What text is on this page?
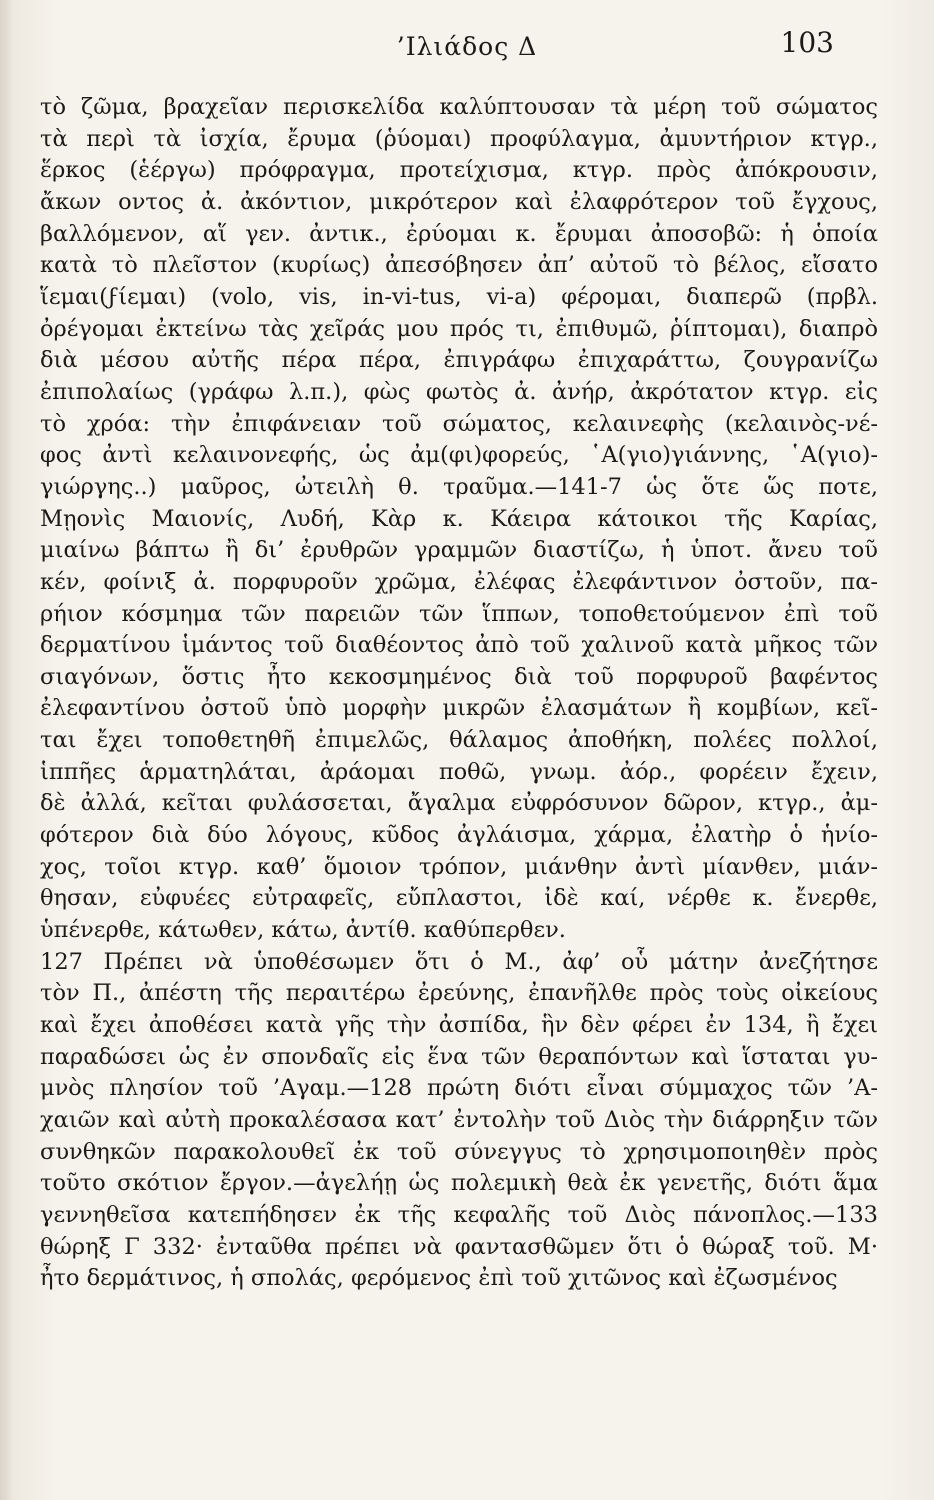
’Ιλιάδος Δ	103
τὸ ζῶμα, βραχεῖαν περισκελίδα καλύπτουσαν τὰ μέρη τοῦ σώματος
τὰ περὶ τὰ ἰσχία, ἔρυμα (ῥύομαι) προφύλαγμα, ἀμυντήριον κτγρ.,
ἕρκος (ἑέργω) πρόφραγμα, προτείχισμα, κτγρ. πρὸς ἀπόκρουσιν,
ἄκων οντος ἀ. ἀκόντιον, μικρότερον καὶ ἐλαφρότερον τοῦ ἔγχους,
βαλλόμενον, αἵ γεν. ἀντικ., ἐρύομαι κ. ἔρυμαι ἀποσοβῶ: ἡ ὁποία
κατὰ τὸ πλεῖστον (κυρίως) ἀπεσόβησεν ἀπ’ αὐτοῦ τὸ βέλος, εἴσατο
ἵεμαι(ϝίεμαι) (volo, vis, in-vi-tus, vi-a) φέρομαι, διαπερῶ (πρβλ.
ὀρέγομαι ἐκτείνω τὰς χεῖράς μου πρός τι, ἐπιθυμῶ, ῥίπτομαι), διαπρὸ
διὰ μέσου αὐτῆς πέρα πέρα, ἐπιγράφω ἐπιχαράττω, ζουγρανίζω
ἐπιπολαίως (γράφω λ.π.), φὼς φωτὸς ἀ. ἀνήρ, ἀκρότατον κτγρ. εἰς
τὸ χρόα: τὴν ἐπιφάνειαν τοῦ σώματος, κελαινεφὴς (κελαινὸς-νέ-
φος ἀντὶ κελαινονεφής, ὡς ἀμ(φι)φορεύς, ῾Α(γιο)γιάννης, ῾Α(γιο)-
γιώργης..) μαῦρος, ὠτειλὴ θ. τραῦμα.—141-7 ὡς ὅτε ὥς ποτε,
Μῃονὶς Μαιονίς, Λυδή, Κὰρ κ. Κάειρα κάτοικοι τῆς Καρίας,
μιαίνω βάπτω ἢ δι’ ἐρυθρῶν γραμμῶν διαστίζω, ἡ ὑποτ. ἄνευ τοῦ
κέν, φοίνιξ ἀ. πορφυροῦν χρῶμα, ἐλέφας ἐλεφάντινον ὀστοῦν, πα-
ρήιον κόσμημα τῶν παρειῶν τῶν ἵππων, τοποθετούμενον ἐπὶ τοῦ
δερματίνου ἱμάντος τοῦ διαθέοντος ἀπὸ τοῦ χαλινοῦ κατὰ μῆκος τῶν
σιαγόνων, ὅστις ἦτο κεκοσμημένος διὰ τοῦ πορφυροῦ βαφέντος
ἐλεφαντίνου ὀστοῦ ὑπὸ μορφὴν μικρῶν ἐλασμάτων ἢ κομβίων, κεῖ-
ται ἔχει τοποθετηθῆ ἐπιμελῶς, θάλαμος ἀποθήκη, πολέες πολλοί,
ἱππῆες ἁρματηλάται, ἀράομαι ποθῶ, γνωμ. ἀόρ., φορέειν ἔχειν,
δὲ ἀλλά, κεῖται φυλάσσεται, ἄγαλμα εὐφρόσυνον δῶρον, κτγρ., ἀμ-
φότερον διὰ δύο λόγους, κῦδος ἀγλάισμα, χάρμα, ἐλατὴρ ὁ ἡνίο-
χος, τοῖοι κτγρ. καθ’ ὅμοιον τρόπον, μιάνθην ἀντὶ μίανθεν, μιάν-
θησαν, εὐφυέες εὐτραφεῖς, εὔπλαστοι, ἰδὲ καί, νέρθε κ. ἔνερθε,
ὑπένερθε, κάτωθεν, κάτω, ἀντίθ. καθύπερθεν.
127 Πρέπει νὰ ὑποθέσωμεν ὅτι ὁ Μ., ἀφ’ οὗ μάτην ἀνεζήτησε
τὸν Π., ἀπέστη τῆς περαιτέρω ἐρεύνης, ἐπανῆλθε πρὸς τοὺς οἰκείους
καὶ ἔχει ἀποθέσει κατὰ γῆς τὴν ἀσπίδα, ἣν δὲν φέρει ἐν 134, ἢ ἔχει
παραδώσει ὡς ἐν σπονδαῖς εἰς ἕνα τῶν θεραπόντων καὶ ἵσταται γυ-
μνὸς πλησίον τοῦ ’Αγαμ.—128 πρώτη διότι εἶναι σύμμαχος τῶν ’Α-
χαιῶν καὶ αὐτὴ προκαλέσασα κατ’ ἐντολὴν τοῦ Διὸς τὴν διάρρηξιν τῶν
συνθηκῶν παρακολουθεῖ ἐκ τοῦ σύνεγγυς τὸ χρησιμοποιηθὲν πρὸς
τοῦτο σκότιον ἔργον.—ἀγελήῃ ὡς πολεμικὴ θεὰ ἐκ γενετῆς, διότι ἅμα
γεννηθεῖσα κατεπήδησεν ἐκ τῆς κεφαλῆς τοῦ Διὸς πάνοπλος.—133
θώρηξ Γ 332· ἐνταῦθα πρέπει νὰ φαντασθῶμεν ὅτι ὁ θώραξ τοῦ. Μ·
ἦτο δερμάτινος, ἡ σπολάς, φερόμενος ἐπὶ τοῦ χιτῶνος καὶ ἐζωσμένος
